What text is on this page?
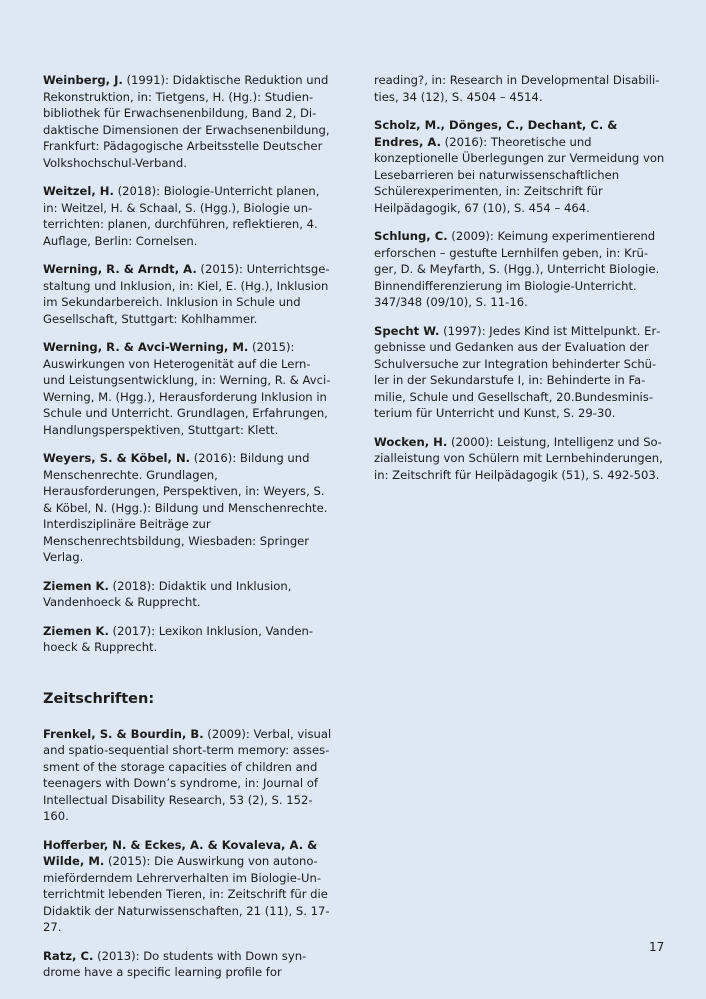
Weinberg, J. (1991): Didaktische Reduktion und Rekonstruktion, in: Tietgens, H. (Hg.): Studienbibliothek für Erwachsenenbildung, Band 2, Didaktische Dimensionen der Erwachsenenbildung, Frankfurt: Pädagogische Arbeitsstelle Deutscher Volkshochschul-Verband.

Weitzel, H. (2018): Biologie-Unterricht planen, in: Weitzel, H. & Schaal, S. (Hgg.), Biologie unterrichten: planen, durchführen, reflektieren, 4. Auflage, Berlin: Cornelsen.

Werning, R. & Arndt, A. (2015): Unterrichtsgestaltung und Inklusion, in: Kiel, E. (Hg.), Inklusion im Sekundarbereich. Inklusion in Schule und Gesellschaft, Stuttgart: Kohlhammer.

Werning, R. & Avci-Werning, M. (2015): Auswirkungen von Heterogenität auf die Lern- und Leistungsentwicklung, in: Werning, R. & Avci-Werning, M. (Hgg.), Herausforderung Inklusion in Schule und Unterricht. Grundlagen, Erfahrungen, Handlungsperspektiven, Stuttgart: Klett.

Weyers, S. & Köbel, N. (2016): Bildung und Menschenrechte. Grundlagen, Herausforderungen, Perspektiven, in: Weyers, S. & Köbel, N. (Hgg.): Bildung und Menschenrechte. Interdisziplinäre Beiträge zur Menschenrechtsbildung, Wiesbaden: Springer Verlag.

Ziemen K. (2018): Didaktik und Inklusion, Vandenhoeck & Rupprecht.

Ziemen K. (2017): Lexikon Inklusion, Vandenhoeck & Rupprecht.

Zeitschriften:

Frenkel, S. & Bourdin, B. (2009): Verbal, visual and spatio-sequential short-term memory: assessment of the storage capacities of children and teenagers with Down’s syndrome, in: Journal of Intellectual Disability Research, 53 (2), S. 152-160.

Hofferber, N. & Eckes, A. & Kovaleva, A. & Wilde, M. (2015): Die Auswirkung von autonomieförderndem Lehrerverhalten im Biologie-Unterrichtmit lebenden Tieren, in: Zeitschrift für die Didaktik der Naturwissenschaften, 21 (11), S. 17-27.

Ratz, C. (2013): Do students with Down syndrome have a specific learning profile for

reading?, in: Research in Developmental Disabilities, 34 (12), S. 4504 – 4514.

Scholz, M., Dönges, C., Dechant, C. & Endres, A. (2016): Theoretische und konzeptionelle Überlegungen zur Vermeidung von Lesebarrieren bei naturwissenschaftlichen Schülerexperimenten, in: Zeitschrift für Heilpädagogik, 67 (10), S. 454 – 464.

Schlung, C. (2009): Keimung experimentierend erforschen – gestufte Lernhilfen geben, in: Krüger, D. & Meyfarth, S. (Hgg.), Unterricht Biologie. Binnendifferenzierung im Biologie-Unterricht. 347/348 (09/10), S. 11-16.

Specht W. (1997): Jedes Kind ist Mittelpunkt. Ergebnisse und Gedanken aus der Evaluation der Schulversuche zur Integration behinderter Schüler in der Sekundarstufe I, in: Behinderte in Familie, Schule und Gesellschaft, 20.Bundesministerium für Unterricht und Kunst, S. 29-30.

Wocken, H. (2000): Leistung, Intelligenz und Sozialleistung von Schülern mit Lernbehinderungen, in: Zeitschrift für Heilpädagogik (51), S. 492-503.

17
